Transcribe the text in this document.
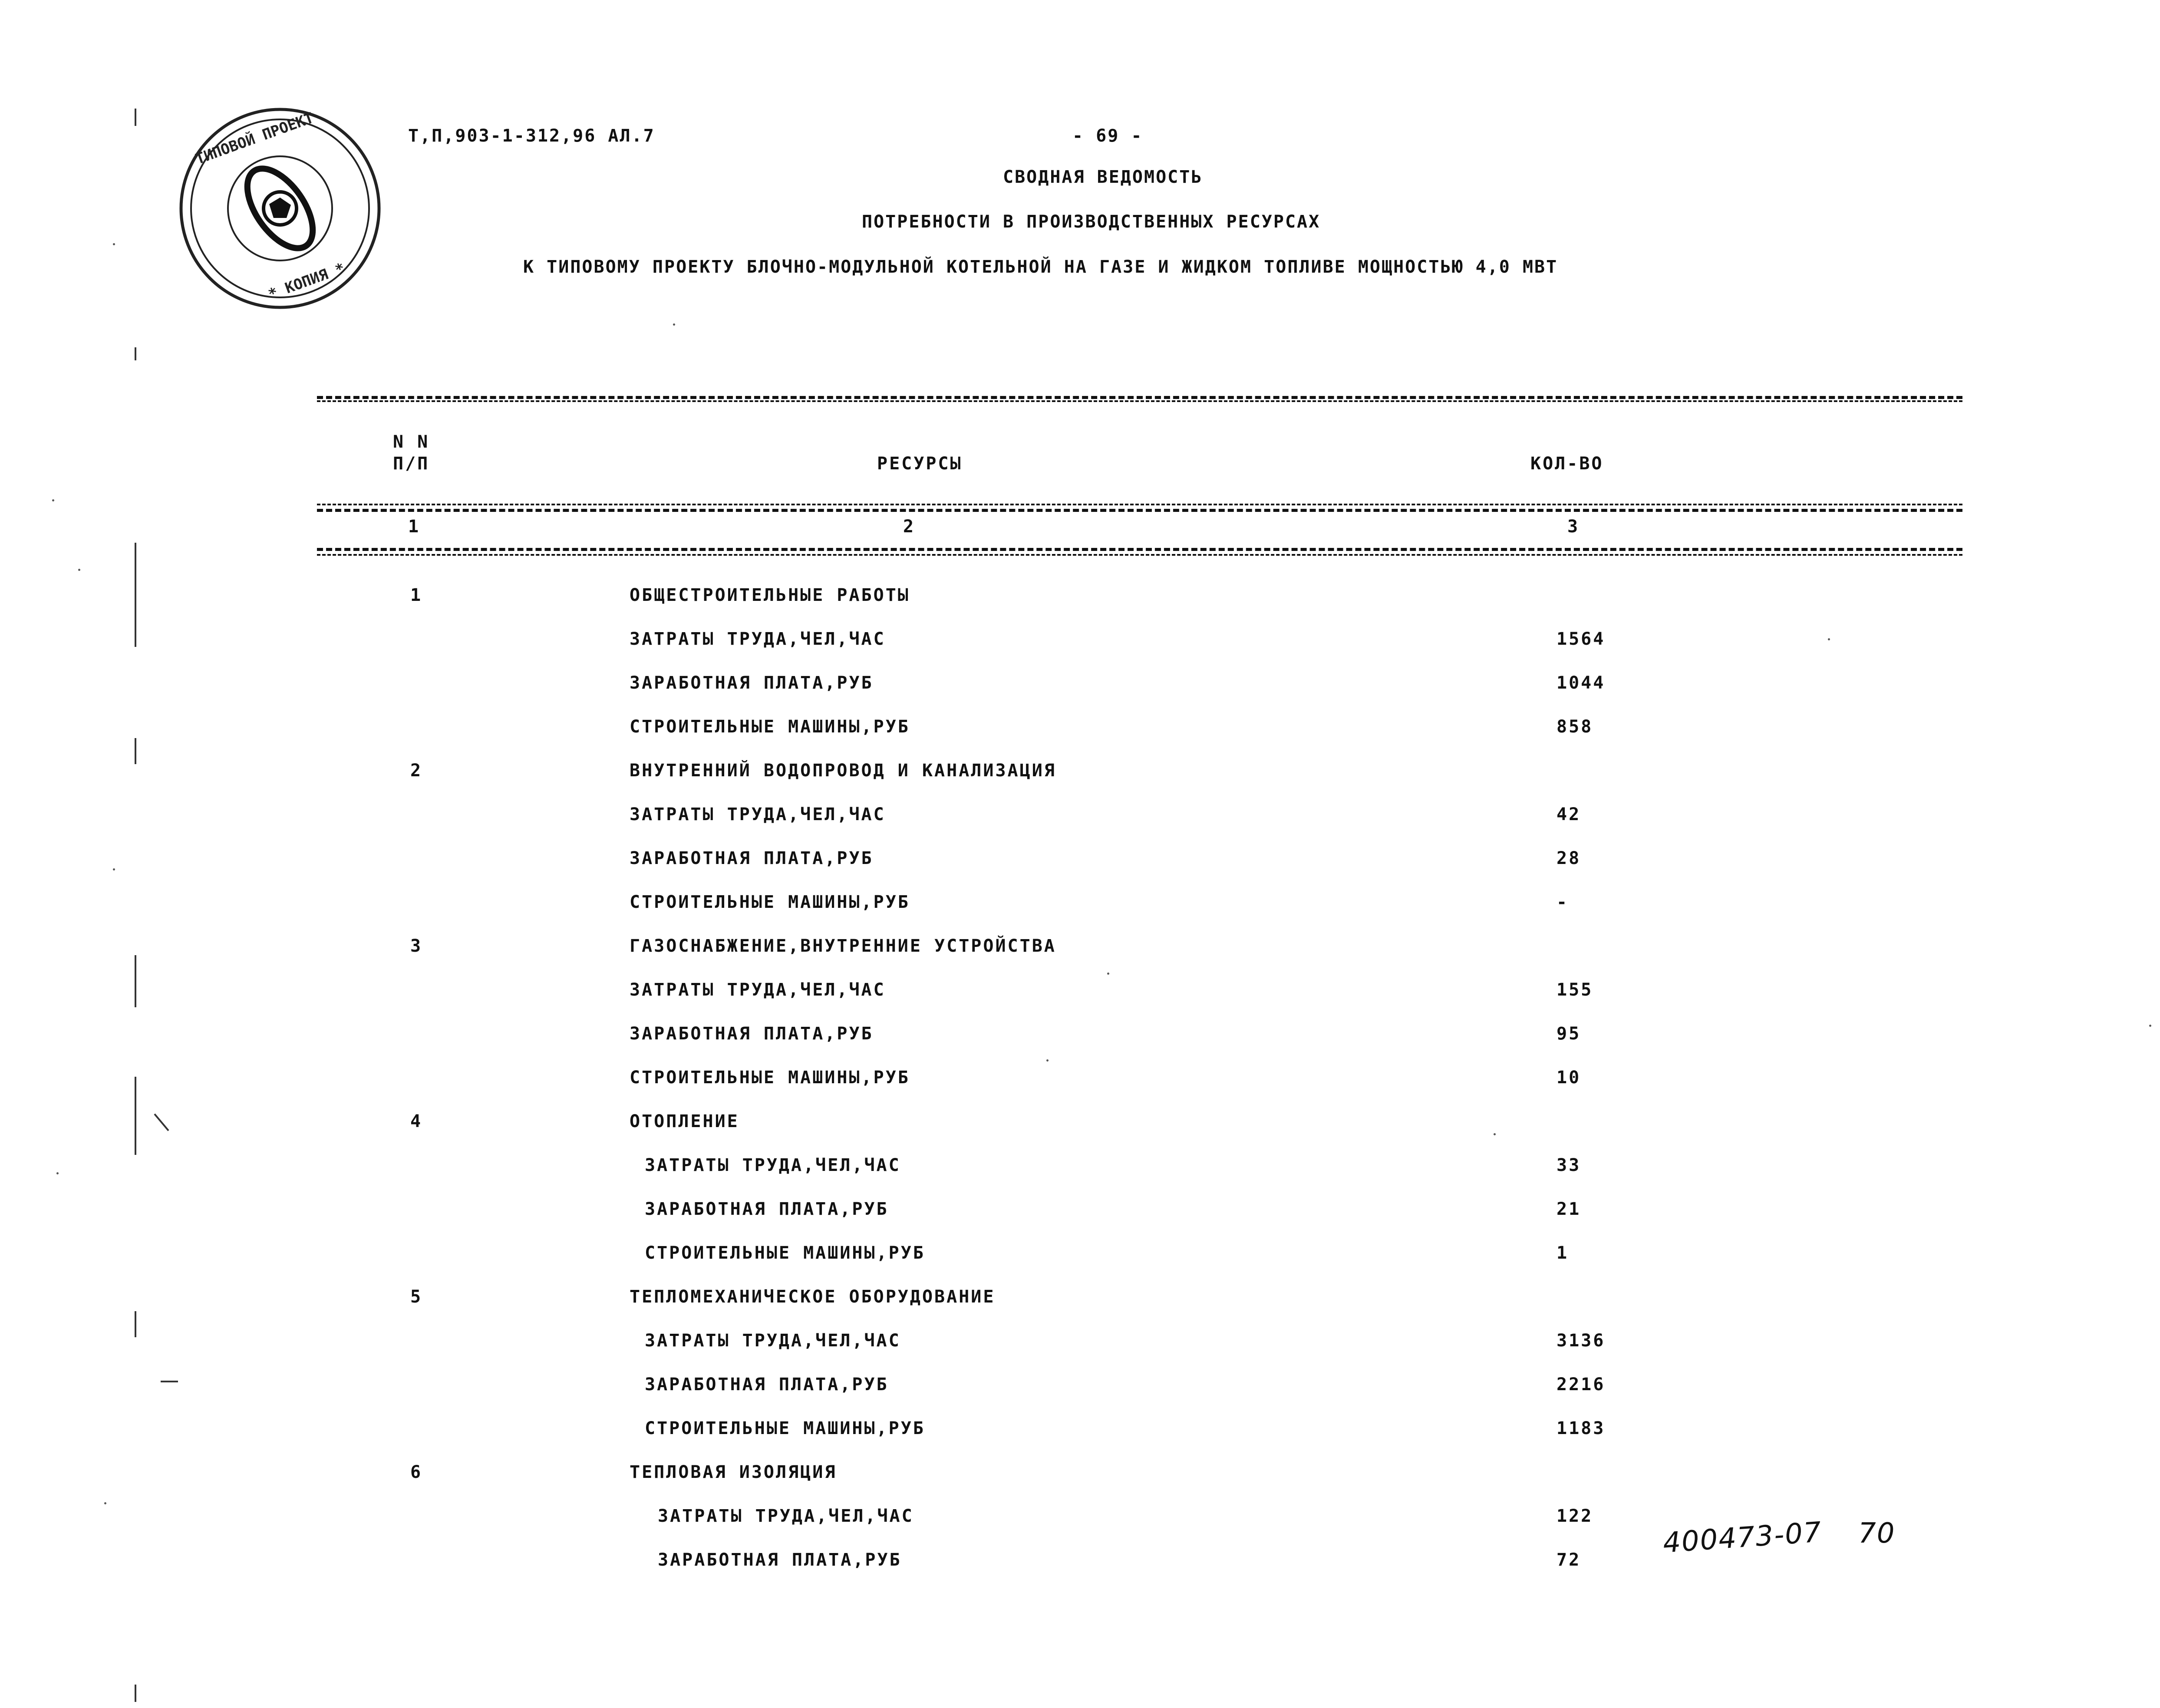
ТИПОВОЙ ПРОЕКТ
* КОПИЯ *
Т,П,903-1-312,96 АЛ.7	- 69 -
СВОДНАЯ ВЕДОМОСТЬ
ПОТРЕБНОСТИ В ПРОИЗВОДСТВЕННЫХ РЕСУРСАХ
К ТИПОВОМУ ПРОЕКТУ БЛОЧНО-МОДУЛЬНОЙ КОТЕЛЬНОЙ НА ГАЗЕ И ЖИДКОМ ТОПЛИВЕ МОЩНОСТЬЮ 4,0 МВТ
N N
П/П	РЕСУРСЫ	КОЛ-ВО
1	2	3
1	ОБЩЕСТРОИТЕЛЬНЫЕ РАБОТЫ
ЗАТРАТЫ ТРУДА,ЧЕЛ,ЧАС	1564
ЗАРАБОТНАЯ ПЛАТА,РУБ	1044
СТРОИТЕЛЬНЫЕ МАШИНЫ,РУБ	858
2	ВНУТРЕННИЙ ВОДОПРОВОД И КАНАЛИЗАЦИЯ
ЗАТРАТЫ ТРУДА,ЧЕЛ,ЧАС	42
ЗАРАБОТНАЯ ПЛАТА,РУБ	28
СТРОИТЕЛЬНЫЕ МАШИНЫ,РУБ	-
3	ГАЗОСНАБЖЕНИЕ,ВНУТРЕННИЕ УСТРОЙСТВА
ЗАТРАТЫ ТРУДА,ЧЕЛ,ЧАС	155
ЗАРАБОТНАЯ ПЛАТА,РУБ	95
СТРОИТЕЛЬНЫЕ МАШИНЫ,РУБ	10
4	ОТОПЛЕНИЕ
ЗАТРАТЫ ТРУДА,ЧЕЛ,ЧАС	33
ЗАРАБОТНАЯ ПЛАТА,РУБ	21
СТРОИТЕЛЬНЫЕ МАШИНЫ,РУБ	1
5	ТЕПЛОМЕХАНИЧЕСКОЕ ОБОРУДОВАНИЕ
ЗАТРАТЫ ТРУДА,ЧЕЛ,ЧАС	3136
ЗАРАБОТНАЯ ПЛАТА,РУБ	2216
СТРОИТЕЛЬНЫЕ МАШИНЫ,РУБ	1183
6	ТЕПЛОВАЯ ИЗОЛЯЦИЯ
ЗАТРАТЫ ТРУДА,ЧЕЛ,ЧАС	122
ЗАРАБОТНАЯ ПЛАТА,РУБ	72
400473-07 70
